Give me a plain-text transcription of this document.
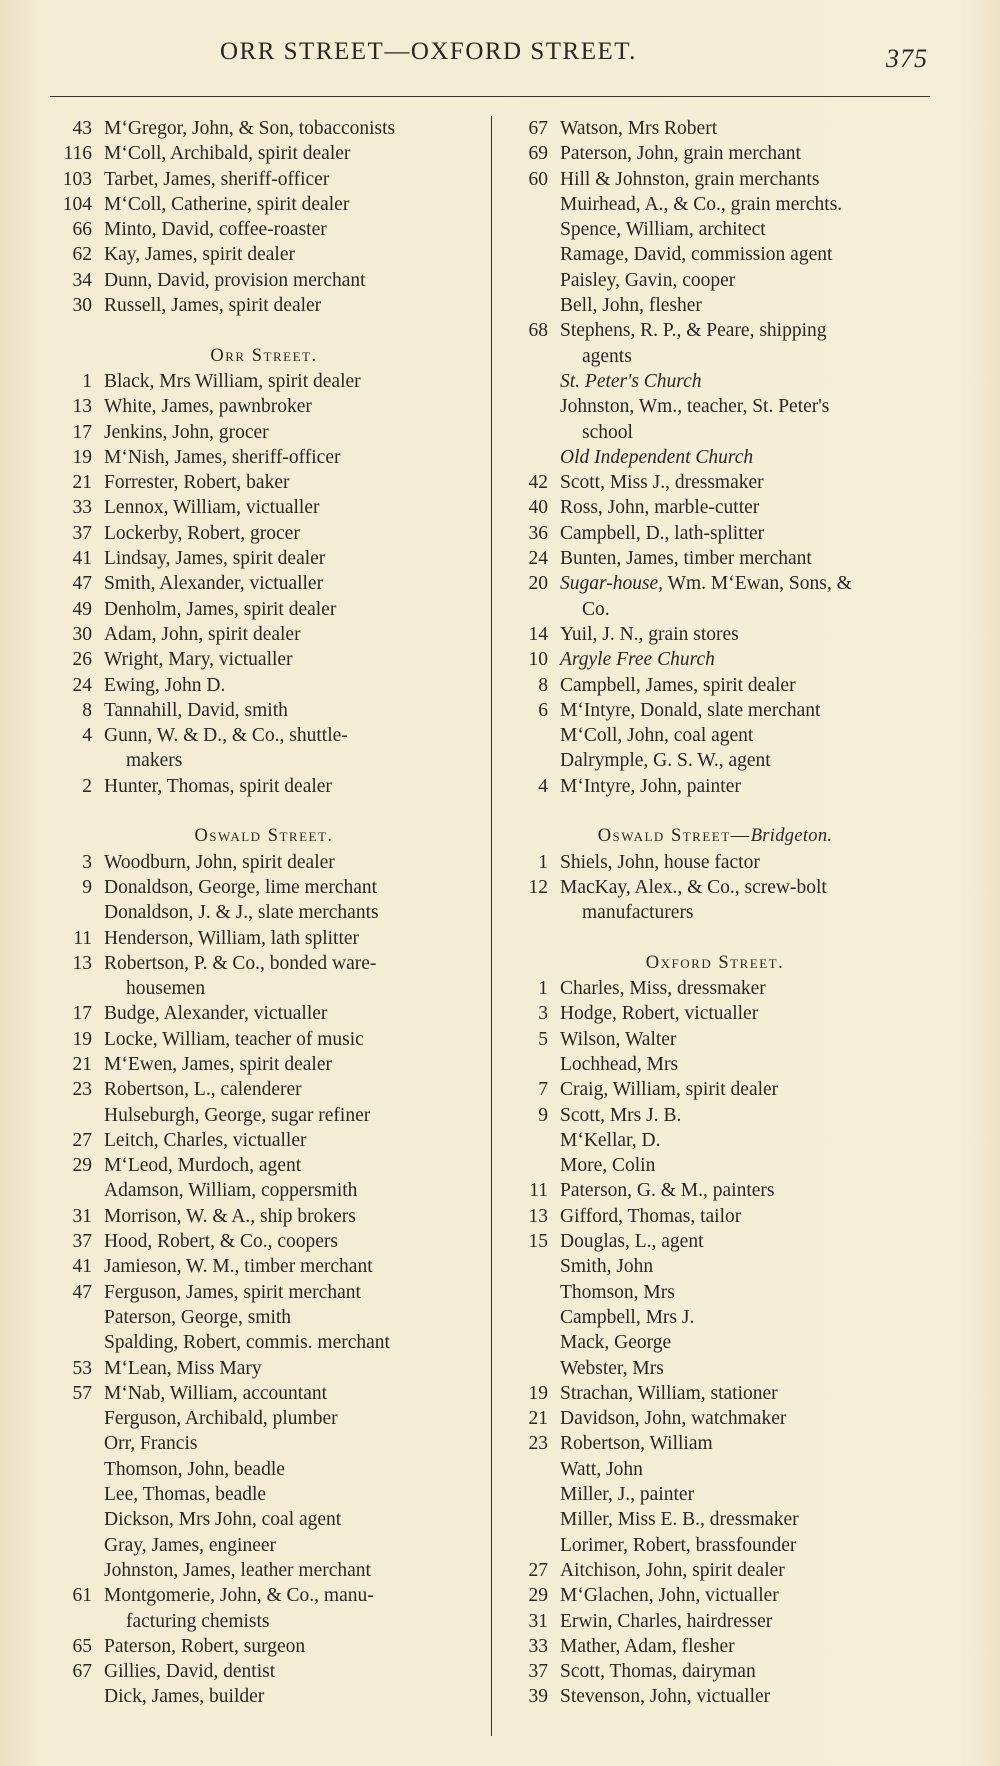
ORR STREET—OXFORD STREET.	375
43 M‘Gregor, John, & Son, tobacconists
116 M‘Coll, Archibald, spirit dealer
103 Tarbet, James, sheriff-officer
104 M‘Coll, Catherine, spirit dealer
66 Minto, David, coffee-roaster
62 Kay, James, spirit dealer
34 Dunn, David, provision merchant
30 Russell, James, spirit dealer
Orr Street.
1 Black, Mrs William, spirit dealer
13 White, James, pawnbroker
17 Jenkins, John, grocer
19 M‘Nish, James, sheriff-officer
21 Forrester, Robert, baker
33 Lennox, William, victualler
37 Lockerby, Robert, grocer
41 Lindsay, James, spirit dealer
47 Smith, Alexander, victualler
49 Denholm, James, spirit dealer
30 Adam, John, spirit dealer
26 Wright, Mary, victualler
24 Ewing, John D.
8 Tannahill, David, smith
4 Gunn, W. & D., & Co., shuttle-
makers
2 Hunter, Thomas, spirit dealer
Oswald Street.
3 Woodburn, John, spirit dealer
9 Donaldson, George, lime merchant
Donaldson, J. & J., slate merchants
11 Henderson, William, lath splitter
13 Robertson, P. & Co., bonded ware-
housemen
17 Budge, Alexander, victualler
19 Locke, William, teacher of music
21 M‘Ewen, James, spirit dealer
23 Robertson, L., calenderer
Hulseburgh, George, sugar refiner
27 Leitch, Charles, victualler
29 M‘Leod, Murdoch, agent
Adamson, William, coppersmith
31 Morrison, W. & A., ship brokers
37 Hood, Robert, & Co., coopers
41 Jamieson, W. M., timber merchant
47 Ferguson, James, spirit merchant
Paterson, George, smith
Spalding, Robert, commis. merchant
53 M‘Lean, Miss Mary
57 M‘Nab, William, accountant
Ferguson, Archibald, plumber
Orr, Francis
Thomson, John, beadle
Lee, Thomas, beadle
Dickson, Mrs John, coal agent
Gray, James, engineer
Johnston, James, leather merchant
61 Montgomerie, John, & Co., manu-
facturing chemists
65 Paterson, Robert, surgeon
67 Gillies, David, dentist
Dick, James, builder
67 Watson, Mrs Robert
69 Paterson, John, grain merchant
60 Hill & Johnston, grain merchants
Muirhead, A., & Co., grain merchts.
Spence, William, architect
Ramage, David, commission agent
Paisley, Gavin, cooper
Bell, John, flesher
68 Stephens, R. P., & Peare, shipping
agents
St. Peter's Church
Johnston, Wm., teacher, St. Peter's
school
Old Independent Church
42 Scott, Miss J., dressmaker
40 Ross, John, marble-cutter
36 Campbell, D., lath-splitter
24 Bunten, James, timber merchant
20 Sugar-house, Wm. M‘Ewan, Sons, &
Co.
14 Yuil, J. N., grain stores
10 Argyle Free Church
8 Campbell, James, spirit dealer
6 M‘Intyre, Donald, slate merchant
M‘Coll, John, coal agent
Dalrymple, G. S. W., agent
4 M‘Intyre, John, painter
Oswald Street—Bridgeton.
1 Shiels, John, house factor
12 MacKay, Alex., & Co., screw-bolt
manufacturers
Oxford Street.
1 Charles, Miss, dressmaker
3 Hodge, Robert, victualler
5 Wilson, Walter
Lochhead, Mrs
7 Craig, William, spirit dealer
9 Scott, Mrs J. B.
M‘Kellar, D.
More, Colin
11 Paterson, G. & M., painters
13 Gifford, Thomas, tailor
15 Douglas, L., agent
Smith, John
Thomson, Mrs
Campbell, Mrs J.
Mack, George
Webster, Mrs
19 Strachan, William, stationer
21 Davidson, John, watchmaker
23 Robertson, William
Watt, John
Miller, J., painter
Miller, Miss E. B., dressmaker
Lorimer, Robert, brassfounder
27 Aitchison, John, spirit dealer
29 M‘Glachen, John, victualler
31 Erwin, Charles, hairdresser
33 Mather, Adam, flesher
37 Scott, Thomas, dairyman
39 Stevenson, John, victualler
